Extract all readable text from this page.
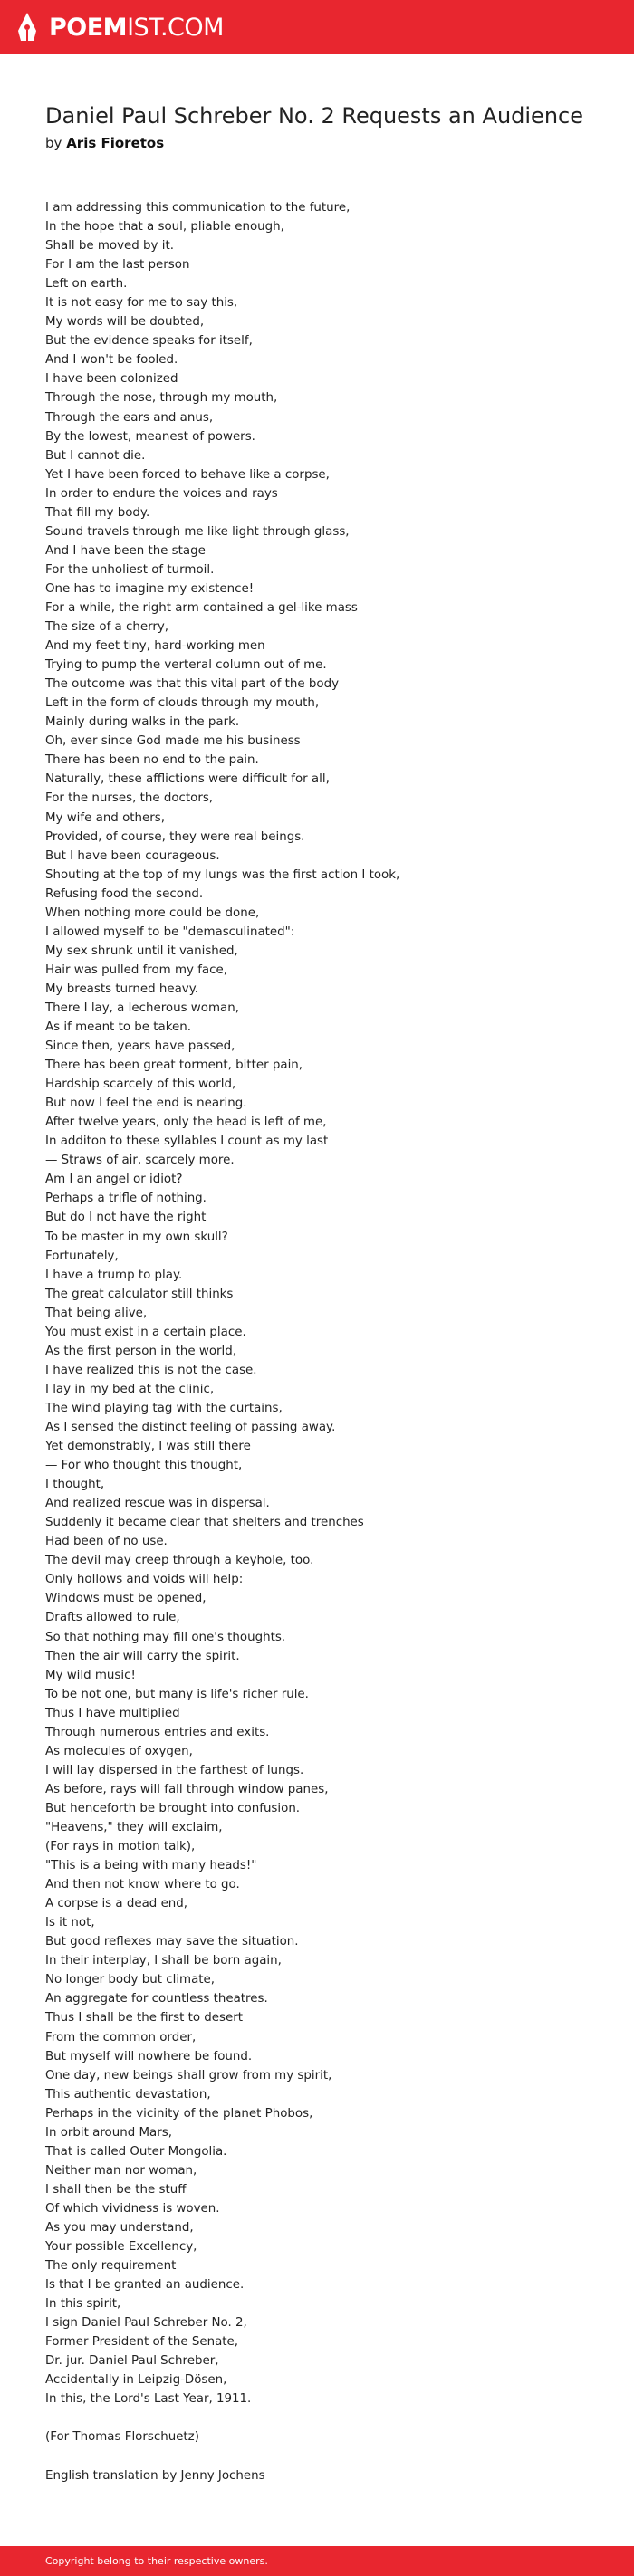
POEMIST.COM
Daniel Paul Schreber No. 2 Requests an Audience
by Aris Fioretos
I am addressing this communication to the future,
In the hope that a soul, pliable enough,
Shall be moved by it.
For I am the last person
Left on earth.
It is not easy for me to say this,
My words will be doubted,
But the evidence speaks for itself,
And I won't be fooled.
I have been colonized
Through the nose, through my mouth,
Through the ears and anus,
By the lowest, meanest of powers.
But I cannot die.
Yet I have been forced to behave like a corpse,
In order to endure the voices and rays
That fill my body.
Sound travels through me like light through glass,
And I have been the stage
For the unholiest of turmoil.
One has to imagine my existence!
For a while, the right arm contained a gel-like mass
The size of a cherry,
And my feet tiny, hard-working men
Trying to pump the verteral column out of me.
The outcome was that this vital part of the body
Left in the form of clouds through my mouth,
Mainly during walks in the park.
Oh, ever since God made me his business
There has been no end to the pain.
Naturally, these afflictions were difficult for all,
For the nurses, the doctors,
My wife and others,
Provided, of course, they were real beings.
But I have been courageous.
Shouting at the top of my lungs was the first action I took,
Refusing food the second.
When nothing more could be done,
I allowed myself to be "demasculinated":
My sex shrunk until it vanished,
Hair was pulled from my face,
My breasts turned heavy.
There I lay, a lecherous woman,
As if meant to be taken.
Since then, years have passed,
There has been great torment, bitter pain,
Hardship scarcely of this world,
But now I feel the end is nearing.
After twelve years, only the head is left of me,
In additon to these syllables I count as my last
— Straws of air, scarcely more.
Am I an angel or idiot?
Perhaps a trifle of nothing.
But do I not have the right
To be master in my own skull?
Fortunately,
I have a trump to play.
The great calculator still thinks
That being alive,
You must exist in a certain place.
As the first person in the world,
I have realized this is not the case.
I lay in my bed at the clinic,
The wind playing tag with the curtains,
As I sensed the distinct feeling of passing away.
Yet demonstrably, I was still there
— For who thought this thought,
I thought,
And realized rescue was in dispersal.
Suddenly it became clear that shelters and trenches
Had been of no use.
The devil may creep through a keyhole, too.
Only hollows and voids will help:
Windows must be opened,
Drafts allowed to rule,
So that nothing may fill one's thoughts.
Then the air will carry the spirit.
My wild music!
To be not one, but many is life's richer rule.
Thus I have multiplied
Through numerous entries and exits.
As molecules of oxygen,
I will lay dispersed in the farthest of lungs.
As before, rays will fall through window panes,
But henceforth be brought into confusion.
"Heavens," they will exclaim,
(For rays in motion talk),
"This is a being with many heads!"
And then not know where to go.
A corpse is a dead end,
Is it not,
But good reflexes may save the situation.
In their interplay, I shall be born again,
No longer body but climate,
An aggregate for countless theatres.
Thus I shall be the first to desert
From the common order,
But myself will nowhere be found.
One day, new beings shall grow from my spirit,
This authentic devastation,
Perhaps in the vicinity of the planet Phobos,
In orbit around Mars,
That is called Outer Mongolia.
Neither man nor woman,
I shall then be the stuff
Of which vividness is woven.
As you may understand,
Your possible Excellency,
The only requirement
Is that I be granted an audience.
In this spirit,
I sign Daniel Paul Schreber No. 2,
Former President of the Senate,
Dr. jur. Daniel Paul Schreber,
Accidentally in Leipzig-Dösen,
In this, the Lord's Last Year, 1911.
(For Thomas Florschuetz)
English translation by Jenny Jochens
Copyright belong to their respective owners.
